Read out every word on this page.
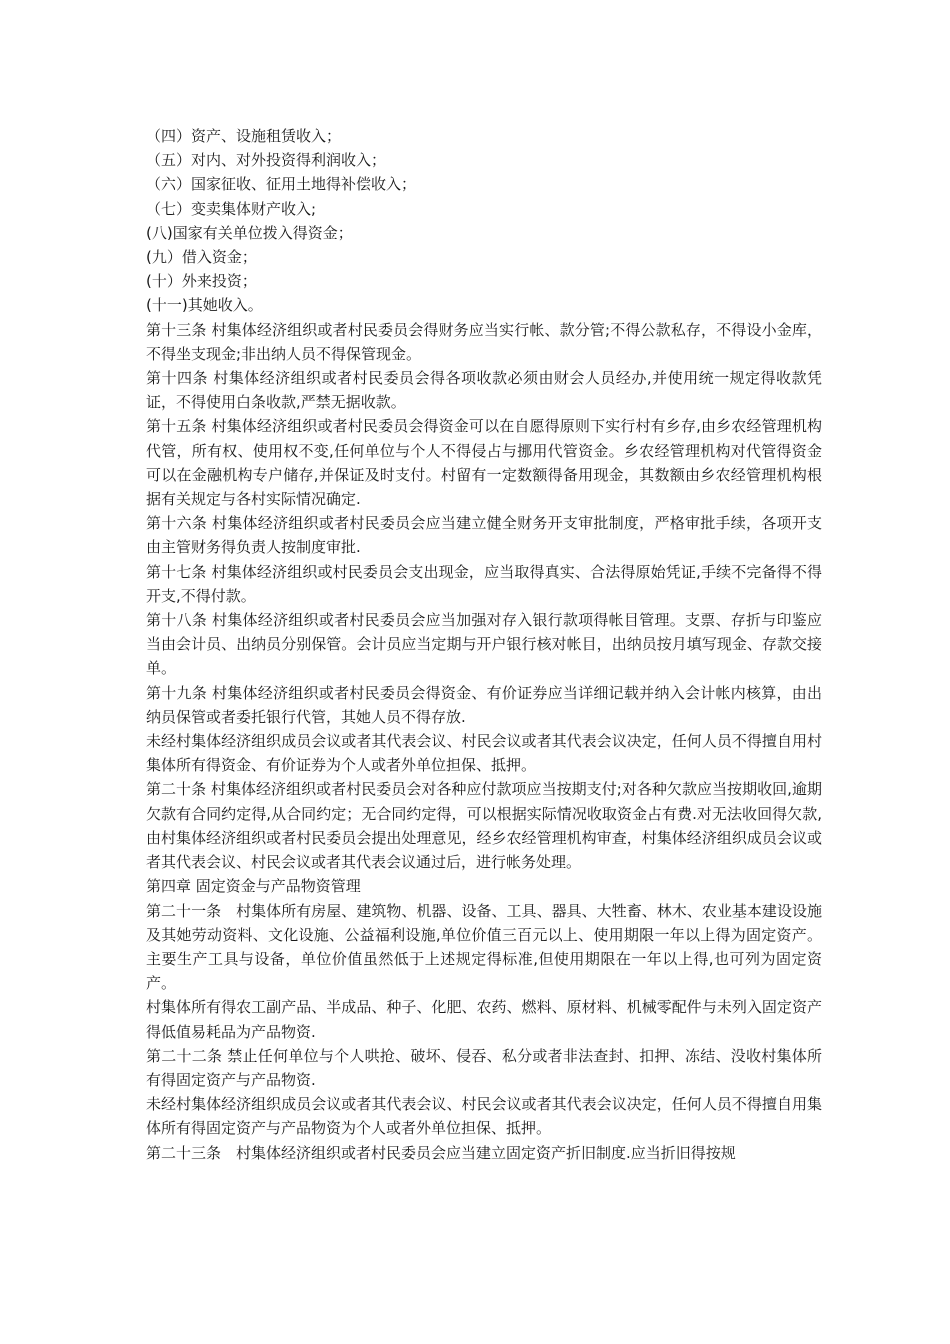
（四）资产、设施租赁收入；

（五）对内、对外投资得利润收入；

（六）国家征收、征用土地得补偿收入；

（七）变卖集体财产收入;

(八)国家有关单位拨入得资金；

(九）借入资金；

(十）外来投资；

(十一)其她收入。

第十三条 村集体经济组织或者村民委员会得财务应当实行帐、款分管;不得公款私存，不得设小金库，不得坐支现金;非出纳人员不得保管现金。

第十四条 村集体经济组织或者村民委员会得各项收款必须由财会人员经办,并使用统一规定得收款凭证，不得使用白条收款,严禁无据收款。

第十五条 村集体经济组织或者村民委员会得资金可以在自愿得原则下实行村有乡存,由乡农经管理机构代管，所有权、使用权不变,任何单位与个人不得侵占与挪用代管资金。乡农经管理机构对代管得资金可以在金融机构专户储存,并保证及时支付。村留有一定数额得备用现金，其数额由乡农经管理机构根据有关规定与各村实际情况确定.

第十六条 村集体经济组织或者村民委员会应当建立健全财务开支审批制度，严格审批手续，各项开支由主管财务得负责人按制度审批.

第十七条 村集体经济组织或村民委员会支出现金，应当取得真实、合法得原始凭证,手续不完备得不得开支,不得付款。

第十八条 村集体经济组织或者村民委员会应当加强对存入银行款项得帐目管理。支票、存折与印鉴应当由会计员、出纳员分别保管。会计员应当定期与开户银行核对帐目，出纳员按月填写现金、存款交接单。

第十九条 村集体经济组织或者村民委员会得资金、有价证券应当详细记载并纳入会计帐内核算，由出纳员保管或者委托银行代管，其她人员不得存放.

未经村集体经济组织成员会议或者其代表会议、村民会议或者其代表会议决定，任何人员不得擅自用村集体所有得资金、有价证券为个人或者外单位担保、抵押。

第二十条 村集体经济组织或者村民委员会对各种应付款项应当按期支付;对各种欠款应当按期收回,逾期欠款有合同约定得,从合同约定；无合同约定得，可以根据实际情况收取资金占有费.对无法收回得欠款,由村集体经济组织或者村民委员会提出处理意见，经乡农经管理机构审查，村集体经济组织成员会议或者其代表会议、村民会议或者其代表会议通过后，进行帐务处理。

第四章 固定资金与产品物资管理

第二十一条　村集体所有房屋、建筑物、机器、设备、工具、器具、大牲畜、林木、农业基本建设设施及其她劳动资料、文化设施、公益福利设施,单位价值三百元以上、使用期限一年以上得为固定资产。主要生产工具与设备，单位价值虽然低于上述规定得标准,但使用期限在一年以上得,也可列为固定资产。

村集体所有得农工副产品、半成品、种子、化肥、农药、燃料、原材料、机械零配件与未列入固定资产得低值易耗品为产品物资.

第二十二条 禁止任何单位与个人哄抢、破坏、侵吞、私分或者非法查封、扣押、冻结、没收村集体所有得固定资产与产品物资.

未经村集体经济组织成员会议或者其代表会议、村民会议或者其代表会议决定，任何人员不得擅自用集体所有得固定资产与产品物资为个人或者外单位担保、抵押。

第二十三条　村集体经济组织或者村民委员会应当建立固定资产折旧制度.应当折旧得按规
